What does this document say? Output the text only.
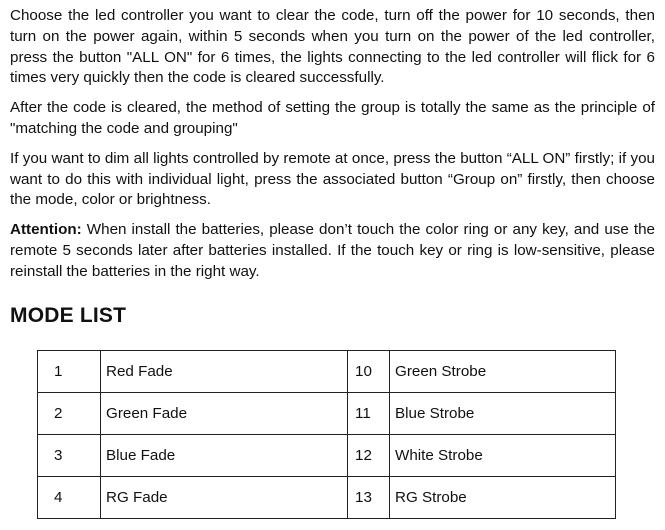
Choose the led controller you want to clear the code, turn off the power for 10 seconds, then turn on the power again, within 5 seconds when you turn on the power of the led controller, press the button "ALL ON" for 6 times, the lights connecting to the led controller will flick for 6 times very quickly then the code is cleared successfully.

After the code is cleared, the method of setting the group is totally the same as the principle of "matching the code and grouping"

If you want to dim all lights controlled by remote at once, press the button “ALL ON” firstly; if you want to do this with individual light, press the associated button “Group on” firstly, then choose the mode, color or brightness.

Attention: When install the batteries, please don’t touch the color ring or any key, and use the remote 5 seconds later after batteries installed. If the touch key or ring is low-sensitive, please reinstall the batteries in the right way.

MODE LIST
1	Red Fade	10	Green Strobe
2	Green Fade	11	Blue Strobe
3	Blue Fade	12	White Strobe
4	RG Fade	13	RG Strobe
